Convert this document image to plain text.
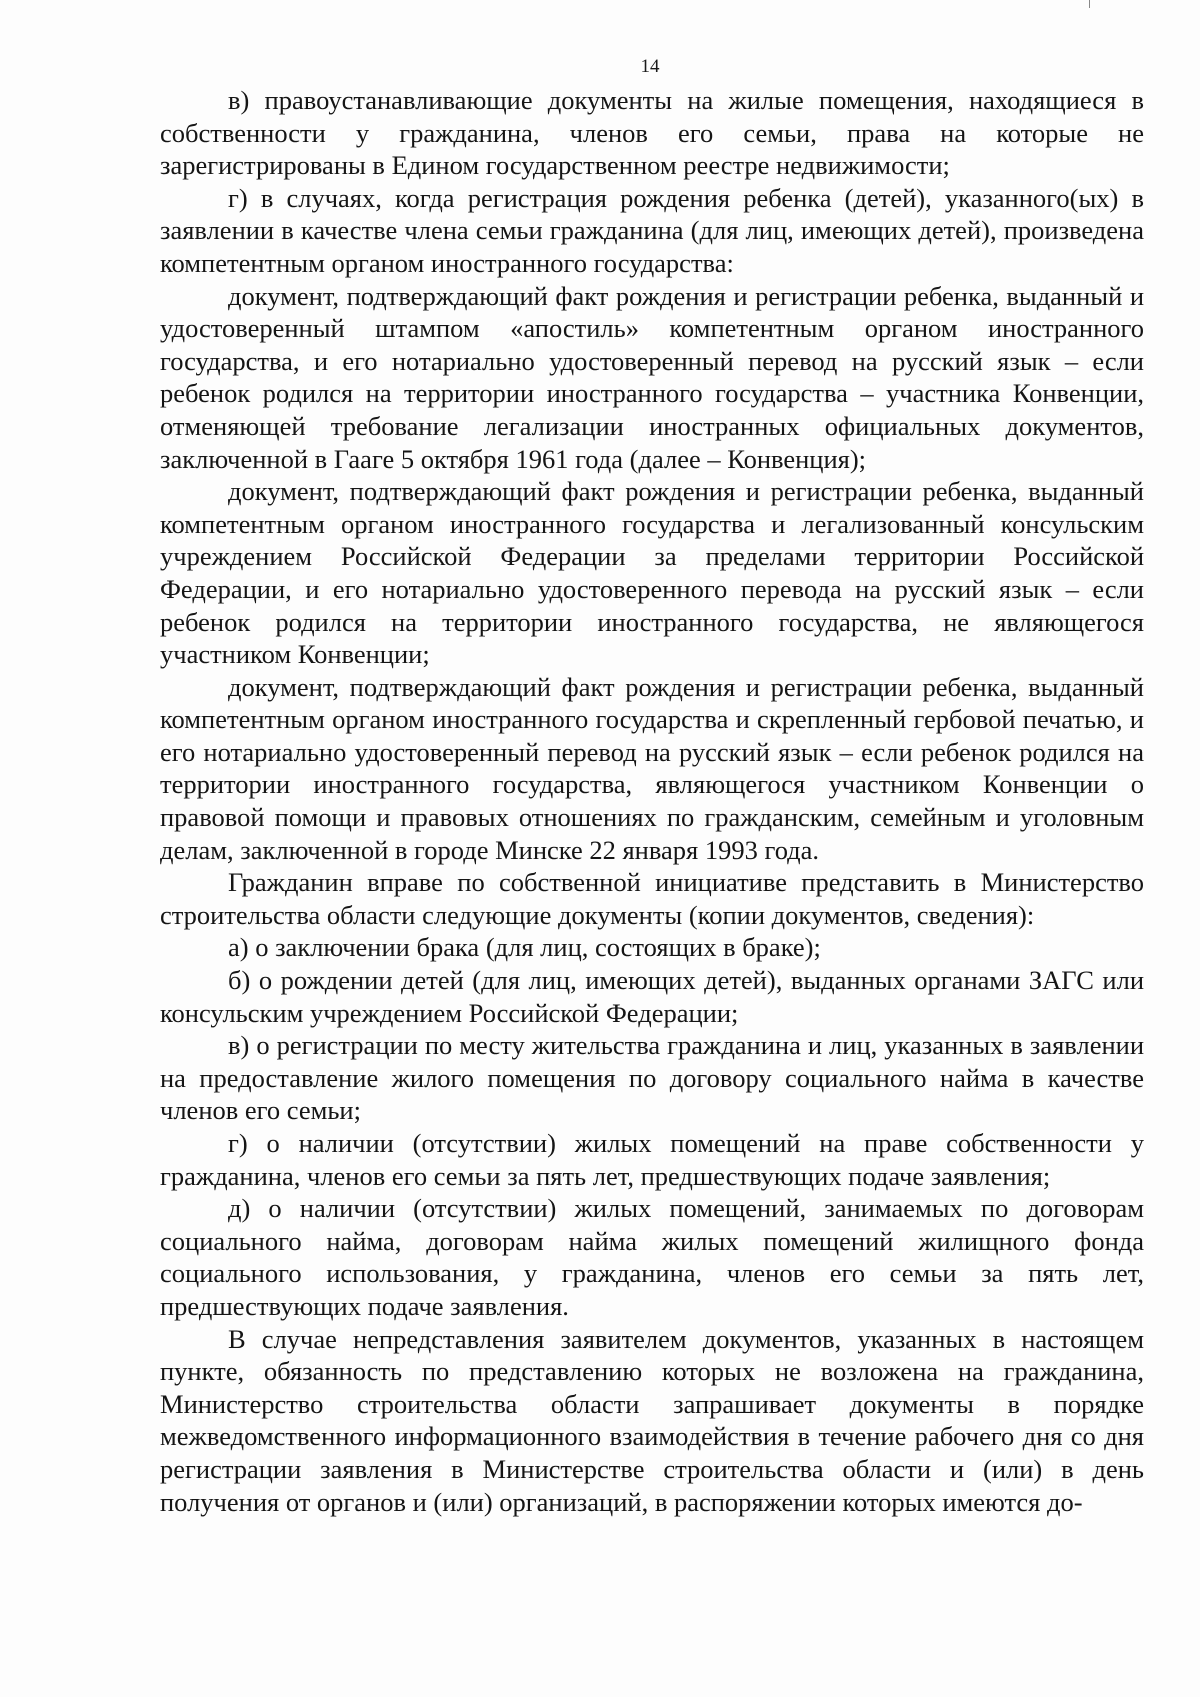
14

в) правоустанавливающие документы на жилые помещения, находящиеся в собственности у гражданина, членов его семьи, права на которые не зарегистрированы в Едином государственном реестре недвижимости;

г) в случаях, когда регистрация рождения ребенка (детей), указанного(ых) в заявлении в качестве члена семьи гражданина (для лиц, имеющих детей), произведена компетентным органом иностранного государства:

документ, подтверждающий факт рождения и регистрации ребенка, выданный и удостоверенный штампом «апостиль» компетентным органом иностранного государства, и его нотариально удостоверенный перевод на русский язык – если ребенок родился на территории иностранного государства – участника Конвенции, отменяющей требование легализации иностранных официальных документов, заключенной в Гааге 5 октября 1961 года (далее – Конвенция);

документ, подтверждающий факт рождения и регистрации ребенка, выданный компетентным органом иностранного государства и легализованный консульским учреждением Российской Федерации за пределами территории Российской Федерации, и его нотариально удостоверенного перевода на русский язык – если ребенок родился на территории иностранного государства, не являющегося участником Конвенции;

документ, подтверждающий факт рождения и регистрации ребенка, выданный компетентным органом иностранного государства и скрепленный гербовой печатью, и его нотариально удостоверенный перевод на русский язык – если ребенок родился на территории иностранного государства, являющегося участником Конвенции о правовой помощи и правовых отношениях по гражданским, семейным и уголовным делам, заключенной в городе Минске 22 января 1993 года.

Гражданин вправе по собственной инициативе представить в Министерство строительства области следующие документы (копии документов, сведения):

а) о заключении брака (для лиц, состоящих в браке);

б) о рождении детей (для лиц, имеющих детей), выданных органами ЗАГС или консульским учреждением Российской Федерации;

в) о регистрации по месту жительства гражданина и лиц, указанных в заявлении на предоставление жилого помещения по договору социального найма в качестве членов его семьи;

г) о наличии (отсутствии) жилых помещений на праве собственности у гражданина, членов его семьи за пять лет, предшествующих подаче заявления;

д) о наличии (отсутствии) жилых помещений, занимаемых по договорам социального найма, договорам найма жилых помещений жилищного фонда социального использования, у гражданина, членов его семьи за пять лет, предшествующих подаче заявления.

В случае непредставления заявителем документов, указанных в настоящем пункте, обязанность по представлению которых не возложена на гражданина, Министерство строительства области запрашивает документы в порядке межведомственного информационного взаимодействия в течение рабочего дня со дня регистрации заявления в Министерстве строительства области и (или) в день получения от органов и (или) организаций, в распоряжении которых имеются до-
